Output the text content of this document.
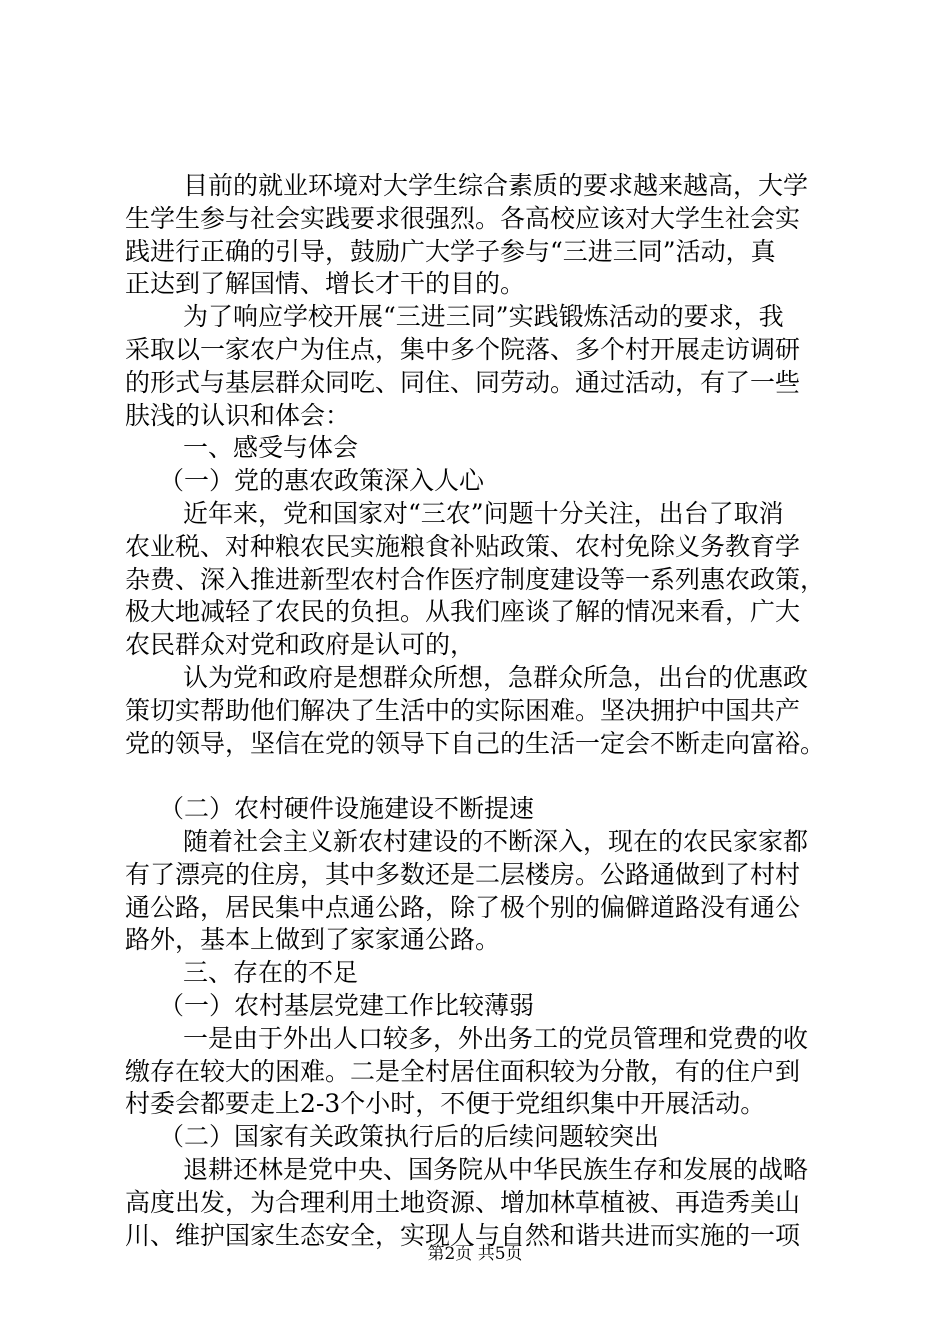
目前的就业环境对大学生综合素质的要求越来越高，大学
生学生参与社会实践要求很强烈。各高校应该对大学生社会实
践进行正确的引导，鼓励广大学子参与“三进三同”活动，真
正达到了解国情、增长才干的目的。
为了响应学校开展“三进三同”实践锻炼活动的要求，我
采取以一家农户为住点，集中多个院落、多个村开展走访调研
的形式与基层群众同吃、同住、同劳动。通过活动，有了一些
肤浅的认识和体会：
一、感受与体会
（一）党的惠农政策深入人心
近年来，党和国家对“三农”问题十分关注，出台了取消
农业税、对种粮农民实施粮食补贴政策、农村免除义务教育学
杂费、深入推进新型农村合作医疗制度建设等一系列惠农政策，
极大地减轻了农民的负担。从我们座谈了解的情况来看，广大
农民群众对党和政府是认可的，
认为党和政府是想群众所想，急群众所急，出台的优惠政
策切实帮助他们解决了生活中的实际困难。坚决拥护中国共产
党的领导，坚信在党的领导下自己的生活一定会不断走向富裕。
（二）农村硬件设施建设不断提速
随着社会主义新农村建设的不断深入，现在的农民家家都
有了漂亮的住房，其中多数还是二层楼房。公路通做到了村村
通公路，居民集中点通公路，除了极个别的偏僻道路没有通公
路外，基本上做到了家家通公路。
三、存在的不足
（一）农村基层党建工作比较薄弱
一是由于外出人口较多，外出务工的党员管理和党费的收
缴存在较大的困难。二是全村居住面积较为分散，有的住户到
村委会都要走上2-3个小时，不便于党组织集中开展活动。
（二）国家有关政策执行后的后续问题较突出
退耕还林是党中央、国务院从中华民族生存和发展的战略
高度出发，为合理利用土地资源、增加林草植被、再造秀美山
川、维护国家生态安全，实现人与自然和谐共进而实施的一项
第2页 共5页
